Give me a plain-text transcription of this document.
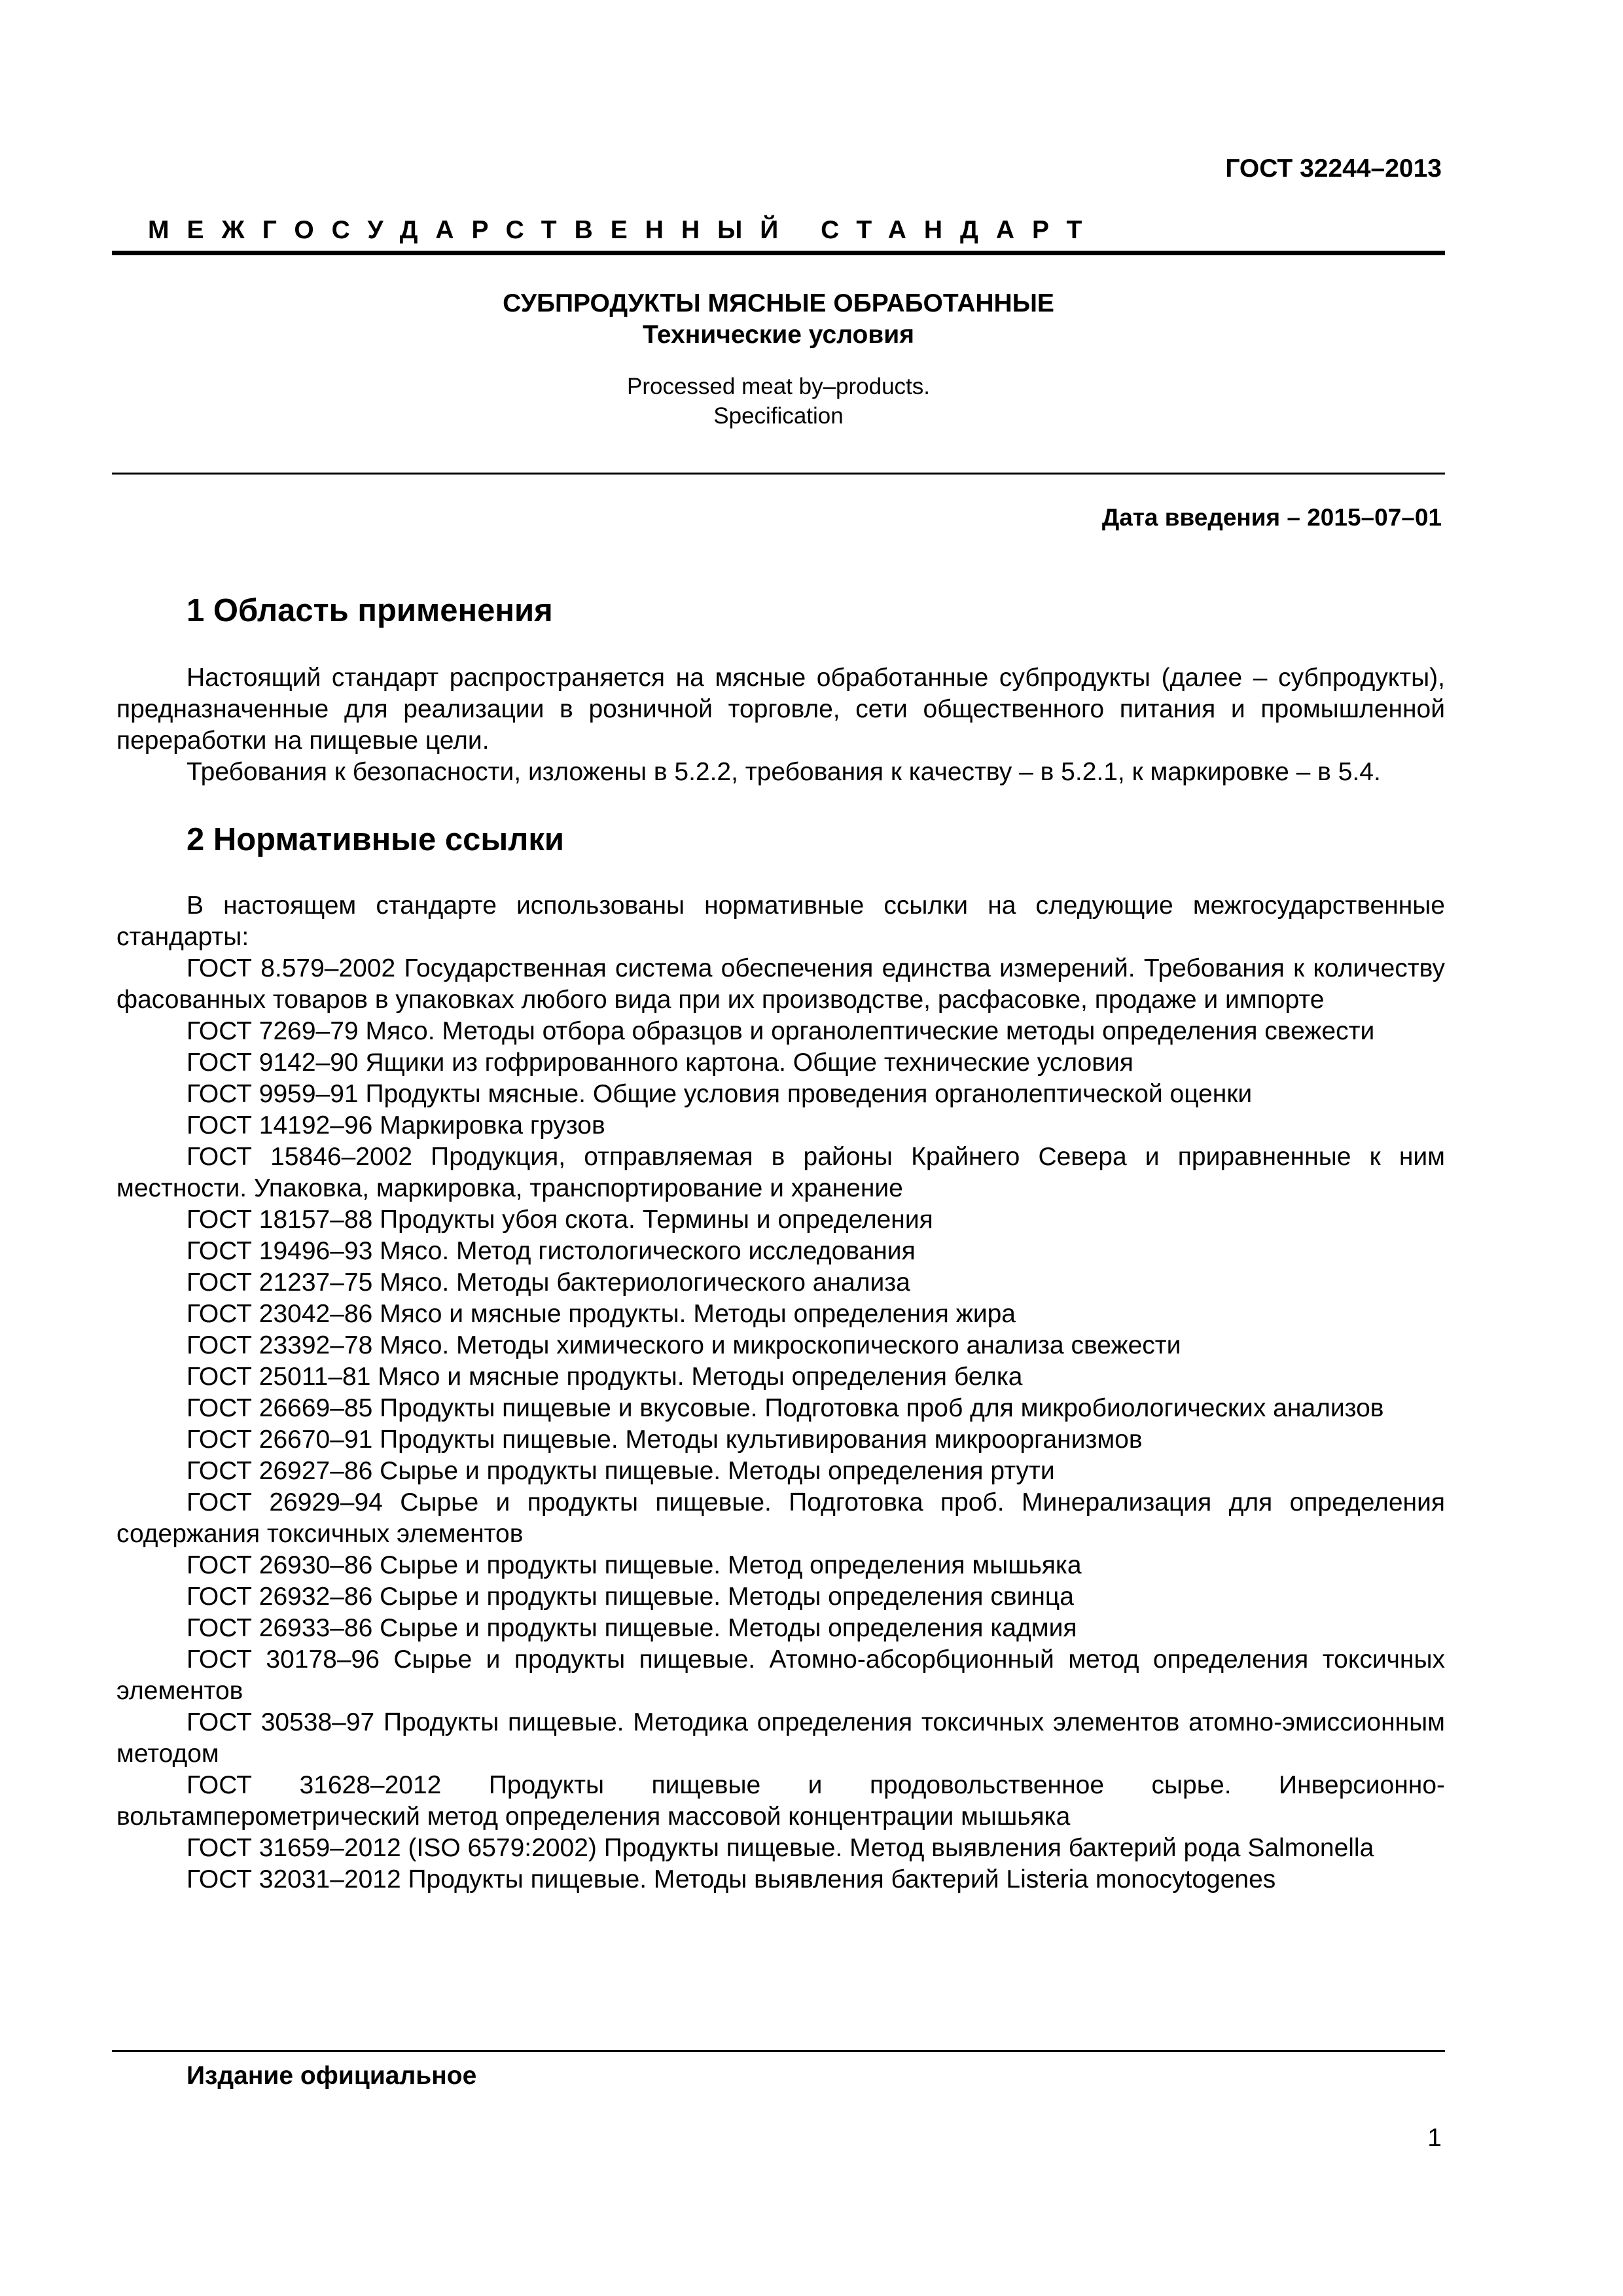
ГОСТ 32244–2013
МЕЖГОСУДАРСТВЕННЫЙ СТАНДАРТ
СУБПРОДУКТЫ МЯСНЫЕ ОБРАБОТАННЫЕ
Технические условия
Processed meat by–products.
Specification
Дата введения – 2015–07–01
1 Область применения

Настоящий стандарт распространяется на мясные обработанные субпродукты (далее – субпродукты), предназначенные для реализации в розничной торговле, сети общественного питания и промышленной переработки на пищевые цели.

Требования к безопасности, изложены в 5.2.2, требования к качеству – в 5.2.1, к маркировке – в 5.4.

2 Нормативные ссылки

В настоящем стандарте использованы нормативные ссылки на следующие межгосударственные стандарты:

ГОСТ 8.579–2002 Государственная система обеспечения единства измерений. Требования к количеству фасованных товаров в упаковках любого вида при их производстве, расфасовке, продаже и импорте

ГОСТ 7269–79 Мясо. Методы отбора образцов и органолептические методы определения свежести

ГОСТ 9142–90 Ящики из гофрированного картона. Общие технические условия

ГОСТ 9959–91 Продукты мясные. Общие условия проведения органолептической оценки

ГОСТ 14192–96 Маркировка грузов

ГОСТ 15846–2002 Продукция, отправляемая в районы Крайнего Севера и приравненные к ним местности. Упаковка, маркировка, транспортирование и хранение

ГОСТ 18157–88 Продукты убоя скота. Термины и определения

ГОСТ 19496–93 Мясо. Метод гистологического исследования

ГОСТ 21237–75 Мясо. Методы бактериологического анализа

ГОСТ 23042–86 Мясо и мясные продукты. Методы определения жира

ГОСТ 23392–78 Мясо. Методы химического и микроскопического анализа свежести

ГОСТ 25011–81 Мясо и мясные продукты. Методы определения белка

ГОСТ 26669–85 Продукты пищевые и вкусовые. Подготовка проб для микробиологических анализов

ГОСТ 26670–91 Продукты пищевые. Методы культивирования микроорганизмов

ГОСТ 26927–86 Сырье и продукты пищевые. Методы определения ртути

ГОСТ 26929–94 Сырье и продукты пищевые. Подготовка проб. Минерализация для определения содержания токсичных элементов

ГОСТ 26930–86 Сырье и продукты пищевые. Метод определения мышьяка

ГОСТ 26932–86 Сырье и продукты пищевые. Методы определения свинца

ГОСТ 26933–86 Сырье и продукты пищевые. Методы определения кадмия

ГОСТ 30178–96 Сырье и продукты пищевые. Атомно-абсорбционный метод определения токсичных элементов

ГОСТ 30538–97 Продукты пищевые. Методика определения токсичных элементов атомно-эмиссионным методом

ГОСТ 31628–2012 Продукты пищевые и продовольственное сырье. Инверсионно-вольтамперометрический метод определения массовой концентрации мышьяка

ГОСТ 31659–2012 (ISO 6579:2002) Продукты пищевые. Метод выявления бактерий рода Salmonella

ГОСТ 32031–2012 Продукты пищевые. Методы выявления бактерий Listeria monocytogenes

Издание официальное
1
